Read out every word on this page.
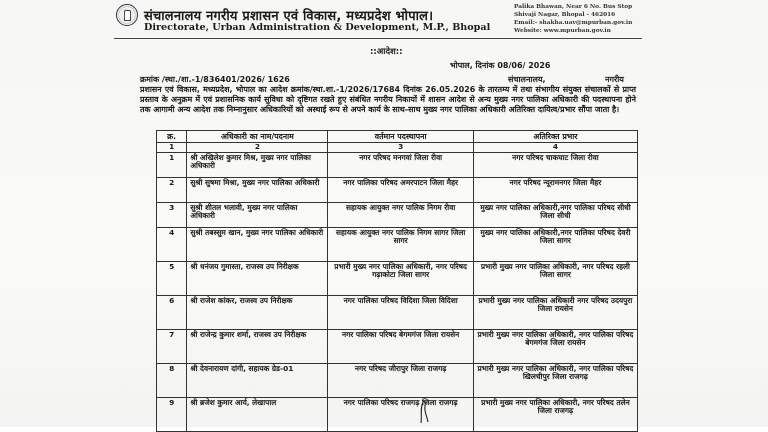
संचालनालय नगरीय प्रशासन एवं विकास, मध्यप्रदेश भोपाल।
Directorate, Urban Administration & Development, M.P., Bhopal
Palika Bhawan, Near 6 No. Bus Stop
Shivaji Nagar, Bhopal - 462016
Email:- shakha.uav@mpurban.gov.in
Website: www.mpurban.gov.in
::आदेश::
भोपाल, दिनांक 08/06/ 2026
क्रमांक /स्था./शा.-1/836401/2026/ 1626	संचालनालय,	नगरीय
प्रशासन एवं विकास, मध्यप्रदेश, भोपाल का आदेश क्रमांक/स्था.शा.-1/2026/17684 दिनांक 26.05.2026 के तारतम्य में तथा संभागीय संयुक्त संचालकों से प्राप्त प्रस्ताव के अनुक्रम में एवं प्रशासनिक कार्य सुविधा को दृष्टिगत रखते हुए संबंधित नगरीय निकायों में शासन आदेश से अन्य मुख्य नगर पालिका अधिकारी की पदस्थापना होने तक आगामी अन्य आदेश तक निम्नानुसार अधिकारियों को अस्थाई रूप से अपने कार्य के साथ-साथ मुख्य नगर पालिका अधिकारी अतिरिक्त दायित्व/प्रभार सौंपा जाता है।
क्र.	अधिकारी का नाम/पदनाम	वर्तमान पदस्थापना	अतिरिक्त प्रभार
1	2	3	4
1	श्री अखिलेश कुमार मिश्र, मुख्य नगर पालिका अधिकारी	नगर परिषद मनगवां जिला रीवा	नगर परिषद चाकघाट जिला रीवा
2	सुश्री सुषमा मिश्रा, मुख्य नगर पालिका अधिकारी	नगर पालिका परिषद अमरपाटन जिला मैहर	नगर परिषद न्यूरामनगर जिला मैहर
3	सुश्री शीतल भलावी, मुख्य नगर पालिका अधिकारी	सहायक आयुक्त नगर पालिक निगम रीवा	मुख्य नगर पालिका अधिकारी,नगर पालिका परिषद सीधी जिला सीधी
4	सुश्री तबस्सुम खान, मुख्य नगर पालिका अधिकारी	सहायक आयुक्त नगर पालिक निगम सागर जिला सागर	मुख्य नगर पालिका अधिकारी,नगर पालिका परिषद देवरी जिला सागर
5	श्री धनंजय गुमास्ता, राजस्व उप निरीक्षक	प्रभारी मुख्य नगर पालिका अधिकारी, नगर परिषद गढ़ाकोटा जिला सागर	प्रभारी मुख्य नगर पालिका अधिकारी, नगर परिषद रहली जिला सागर
6	श्री राजेश कांकर, राजस्व उप निरीक्षक	नगर पालिका परिषद विदिशा जिला विदिशा	प्रभारी मुख्य नगर पालिका अधिकारी नगर परिषद उदयपुरा जिला रायसेन
7	श्री राजेन्द्र कुमार शर्मा, राजस्व उप निरीक्षक	नगर पालिका परिषद बेगमगंज जिला रायसेन	प्रभारी मुख्य नगर पालिका अधिकारी, नगर पालिका परिषद बेगमगंज जिला रायसेन
8	श्री देवनारायण दांगी, सहायक ग्रेड-01	नगर परिषद जीरापुर जिला राजगढ़	प्रभारी मुख्य नगर पालिका अधिकारी, नगर पालिका परिषद खिलचीपुर जिला राजगढ़
9	श्री ब्रजेश कुमार आर्य, लेखापाल	नगर पालिका परिषद राजगढ़ जिला राजगढ़	प्रभारी मुख्य नगर पालिका अधिकारी, नगर परिषद तलेन जिला राजगढ़
